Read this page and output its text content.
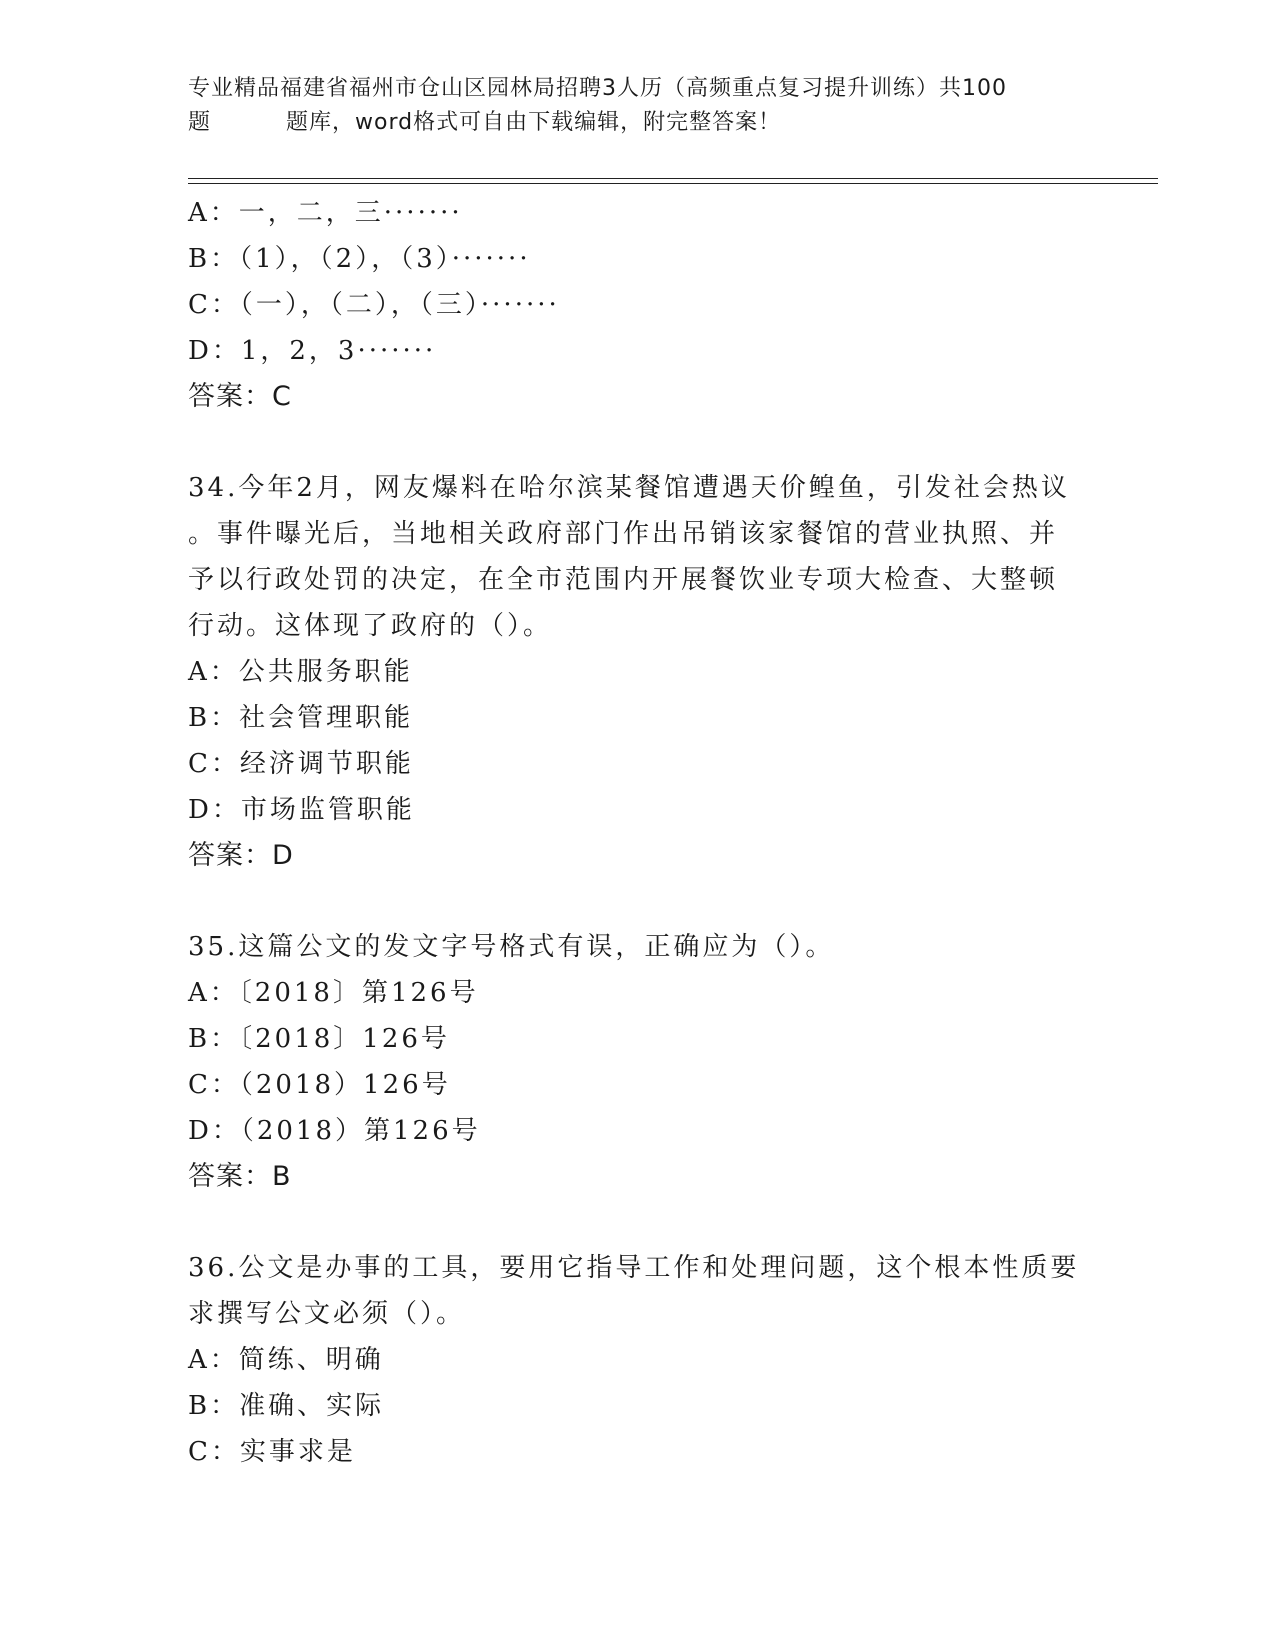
专业精品福建省福州市仓山区园林局招聘3人历（高频重点复习提升训练）共100
题	题库，word格式可自由下载编辑，附完整答案！
A：一，二，三·······
B：（1），（2），（3）·······
C：（一），（二），（三）·······
D：1，2，3·······
答案：C
34.今年2月，网友爆料在哈尔滨某餐馆遭遇天价鳇鱼，引发社会热议
。事件曝光后，当地相关政府部门作出吊销该家餐馆的营业执照、并
予以行政处罚的决定，在全市范围内开展餐饮业专项大检查、大整顿
行动。这体现了政府的（）。
A：公共服务职能
B：社会管理职能
C：经济调节职能
D：市场监管职能
答案：D
35.这篇公文的发文字号格式有误，正确应为（）。
A：〔2018〕第126号
B：〔2018〕126号
C：（2018）126号
D：（2018）第126号
答案：B
36.公文是办事的工具，要用它指导工作和处理问题，这个根本性质要
求撰写公文必须（）。
A：简练、明确
B：准确、实际
C：实事求是
